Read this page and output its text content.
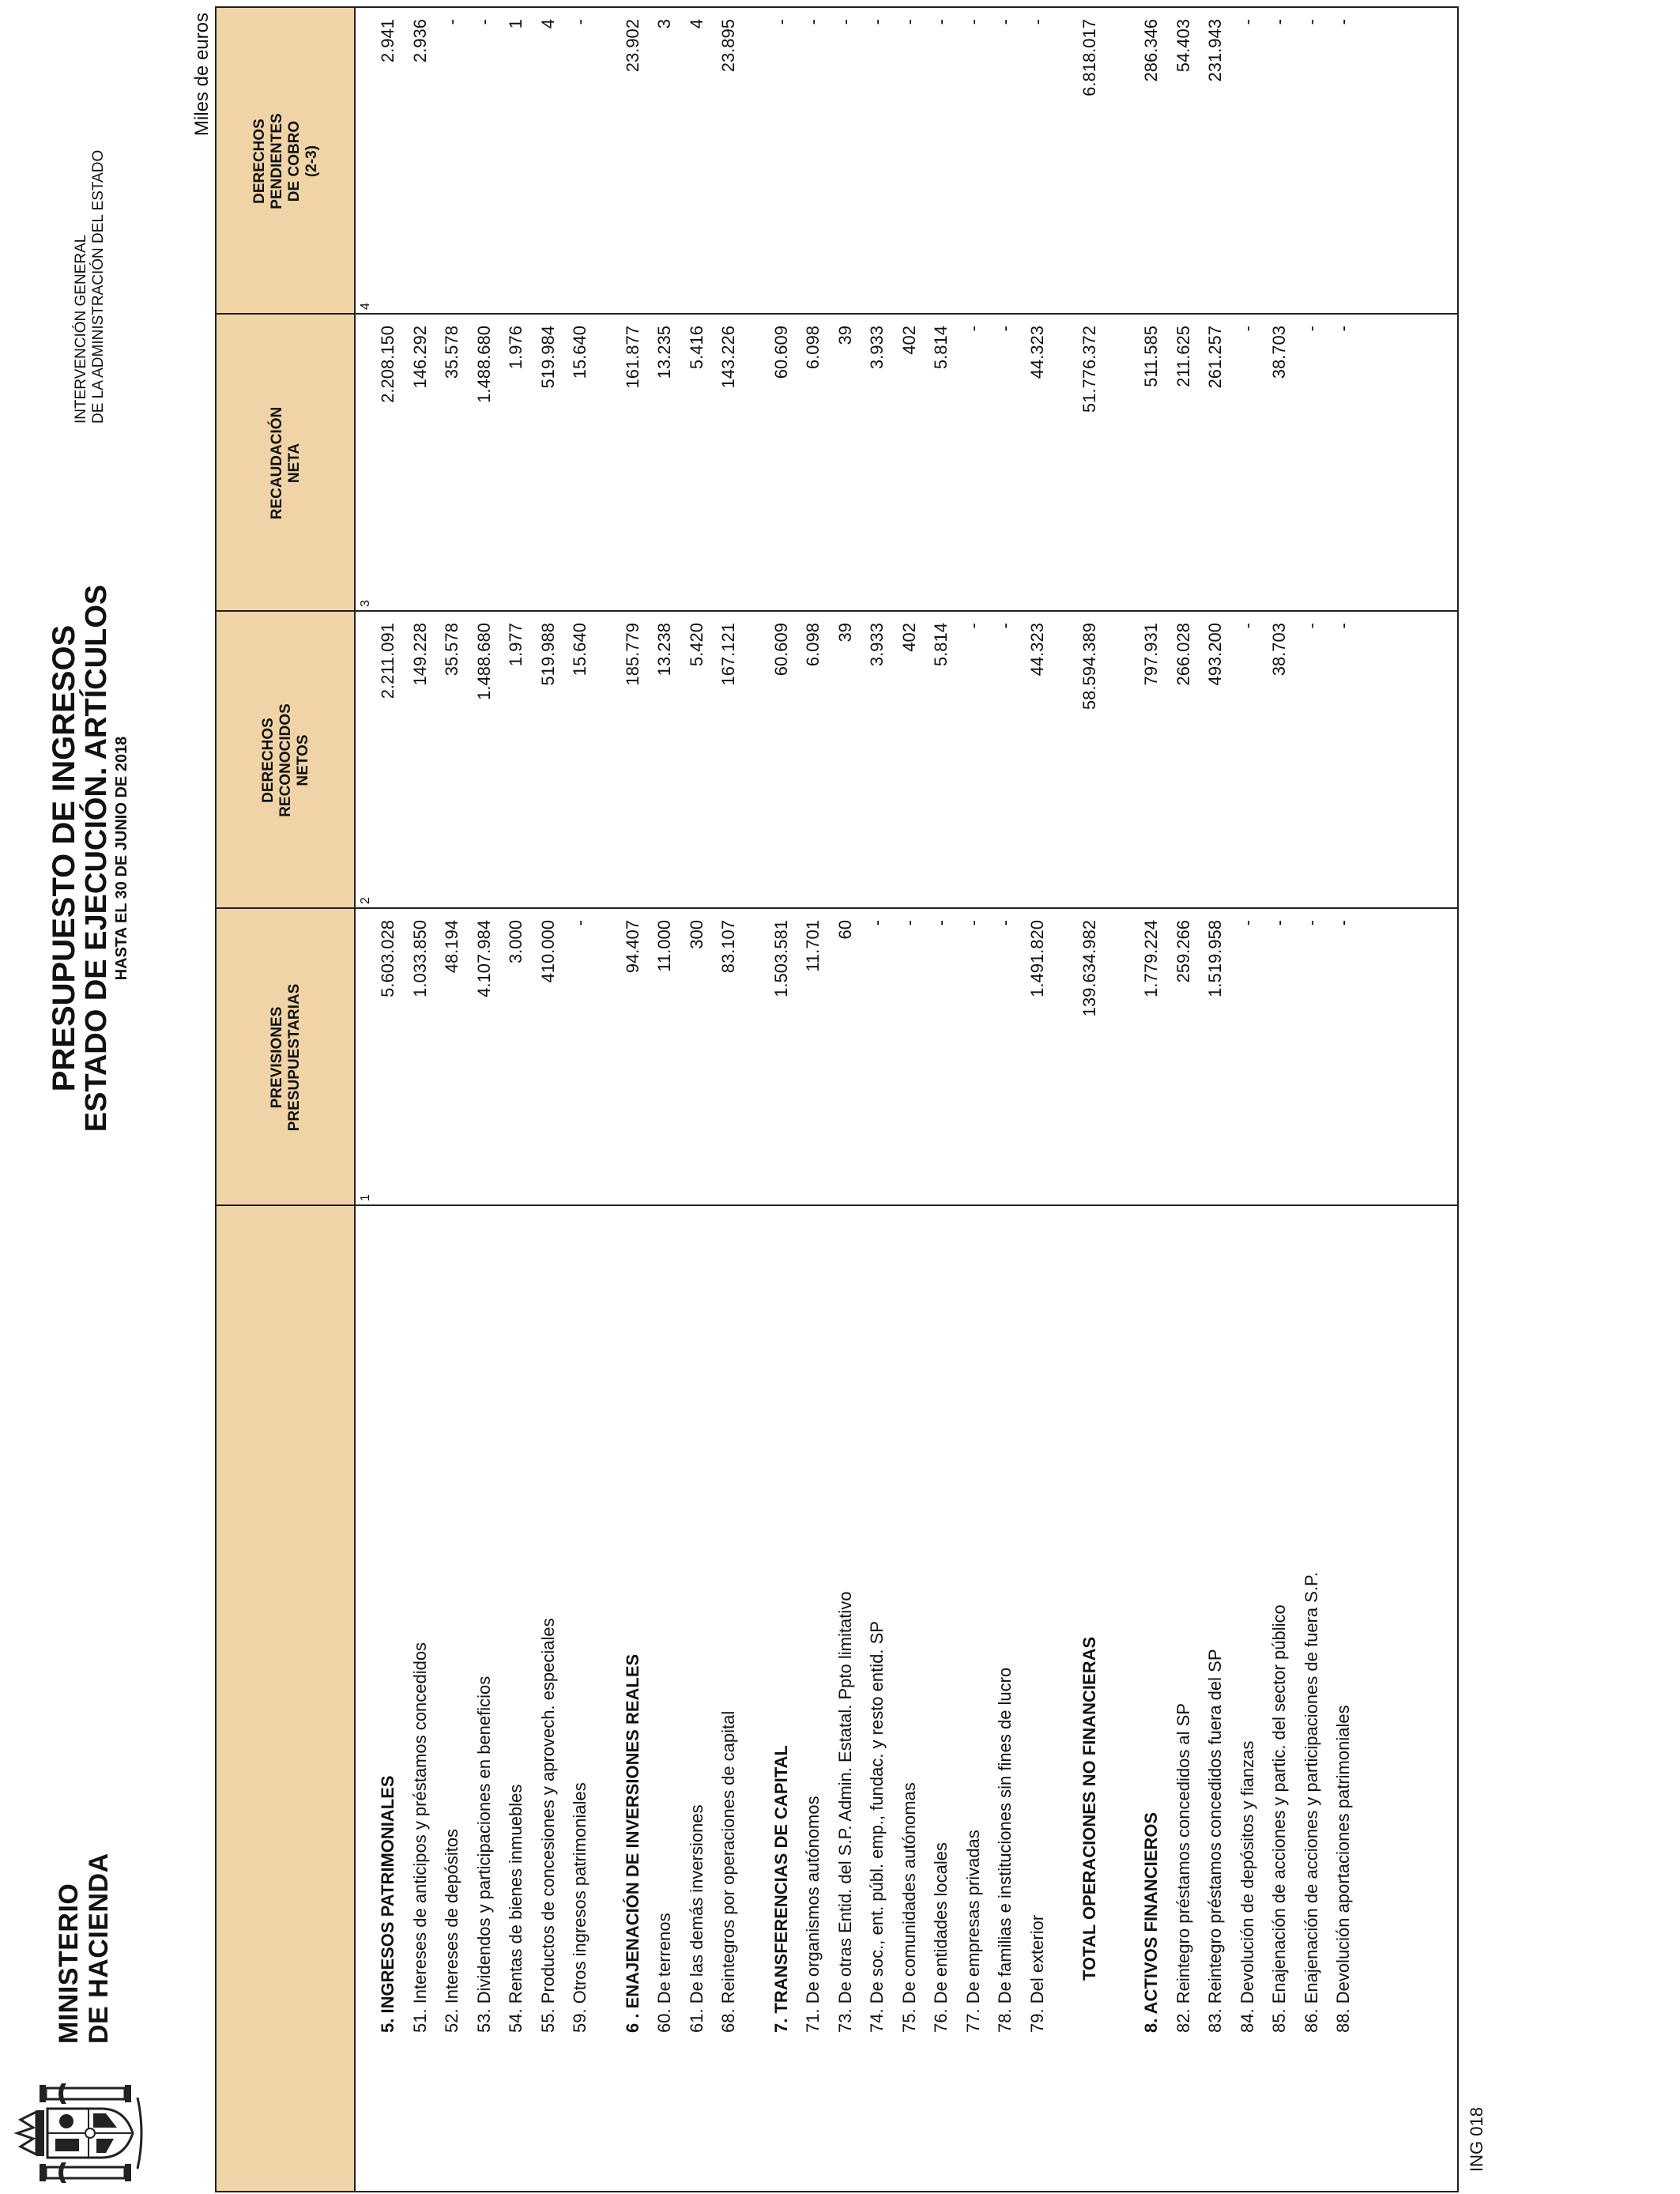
MINISTERIO DE HACIENDA
PRESUPUESTO DE INGRESOS
ESTADO DE EJECUCIÓN. ARTÍCULOS HASTA EL 30 DE JUNIO DE 2018
INTERVENCIÓN GENERAL DE LA ADMINISTRACIÓN DEL ESTADO
Miles de euros
PREVISIONES PRESUPUESTARIAS
DERECHOS RECONOCIDOS NETOS
RECAUDACIÓN NETA
DERECHOS PENDIENTES DE COBRO (2-3)
1
2
3
4
5. INGRESOS PATRIMONIALES
5.603.028
2.211.091
2.208.150
2.941
51. Intereses de anticipos y préstamos concedidos
1.033.850
149.228
146.292
2.936
52. Intereses de depósitos
48.194
35.578
35.578
-
53. Dividendos y participaciones en beneficios
4.107.984
1.488.680
1.488.680
-
54. Rentas de bienes inmuebles
3.000
1.977
1.976
1
55. Productos de concesiones y aprovech. especiales
410.000
519.988
519.984
4
59. Otros ingresos patrimoniales
-
15.640
15.640
-
6 . ENAJENACIÓN DE INVERSIONES REALES
94.407
185.779
161.877
23.902
60. De terrenos
11.000
13.238
13.235
3
61. De las demás inversiones
300
5.420
5.416
4
68. Reintegros por operaciones de capital
83.107
167.121
143.226
23.895
7. TRANSFERENCIAS DE CAPITAL
1.503.581
60.609
60.609
-
71. De organismos autónomos
11.701
6.098
6.098
-
73. De otras Entid. del S.P. Admin. Estatal. Ppto limitativo
60
39
39
-
74. De soc., ent. públ. emp., fundac. y resto entid. SP
-
3.933
3.933
-
75. De comunidades autónomas
-
402
402
-
76. De entidades locales
-
5.814
5.814
-
77. De empresas privadas
-
-
-
-
78. De familias e instituciones sin fines de lucro
-
-
-
-
79. Del exterior
1.491.820
44.323
44.323
-
TOTAL OPERACIONES NO FINANCIERAS
139.634.982
58.594.389
51.776.372
6.818.017
8. ACTIVOS FINANCIEROS
1.779.224
797.931
511.585
286.346
82. Reintegro préstamos concedidos al SP
259.266
266.028
211.625
54.403
83. Reintegro préstamos concedidos fuera del SP
1.519.958
493.200
261.257
231.943
84. Devolución de depósitos y fianzas
-
-
-
-
85. Enajenación de acciones y partic. del sector público
-
38.703
38.703
-
86. Enajenación de acciones y participaciones de fuera S.P.
-
-
-
-
88. Devolución aportaciones patrimoniales
-
-
-
-
ING 018
